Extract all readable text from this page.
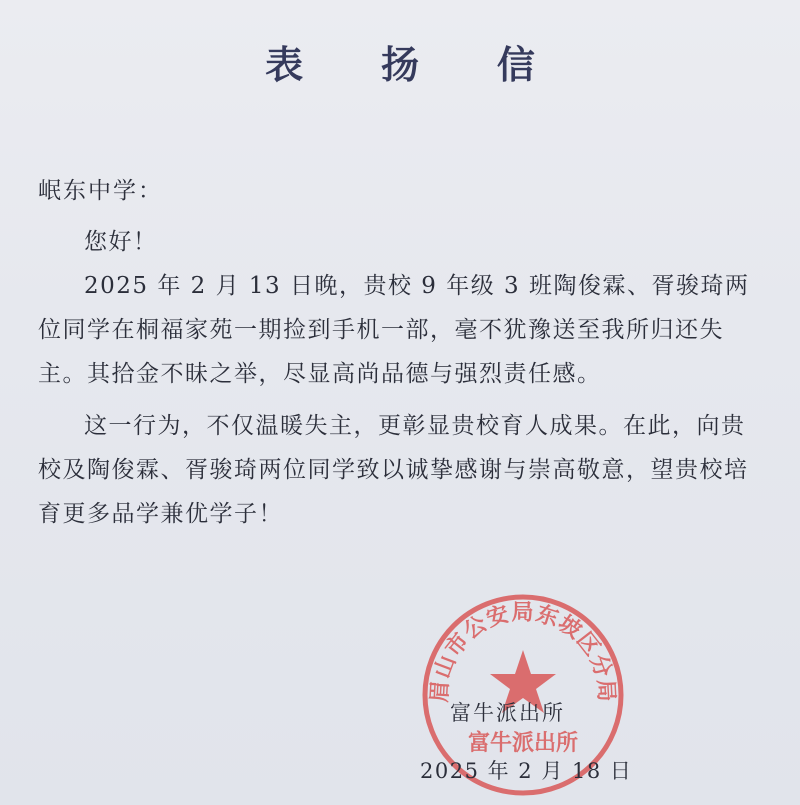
表 扬 信
岷东中学：

您好！

2025 年 2 月 13 日晚，贵校 9 年级 3 班陶俊霖、胥骏琦两位同学在桐福家苑一期捡到手机一部，毫不犹豫送至我所归还失主。其拾金不昧之举，尽显高尚品德与强烈责任感。

这一行为，不仅温暖失主，更彰显贵校育人成果。在此，向贵校及陶俊霖、胥骏琦两位同学致以诚挚感谢与崇高敬意，望贵校培育更多品学兼优学子！

眉山市公安局东坡区分局
富牛派出所
富牛派出所
2025 年 2 月 18 日
